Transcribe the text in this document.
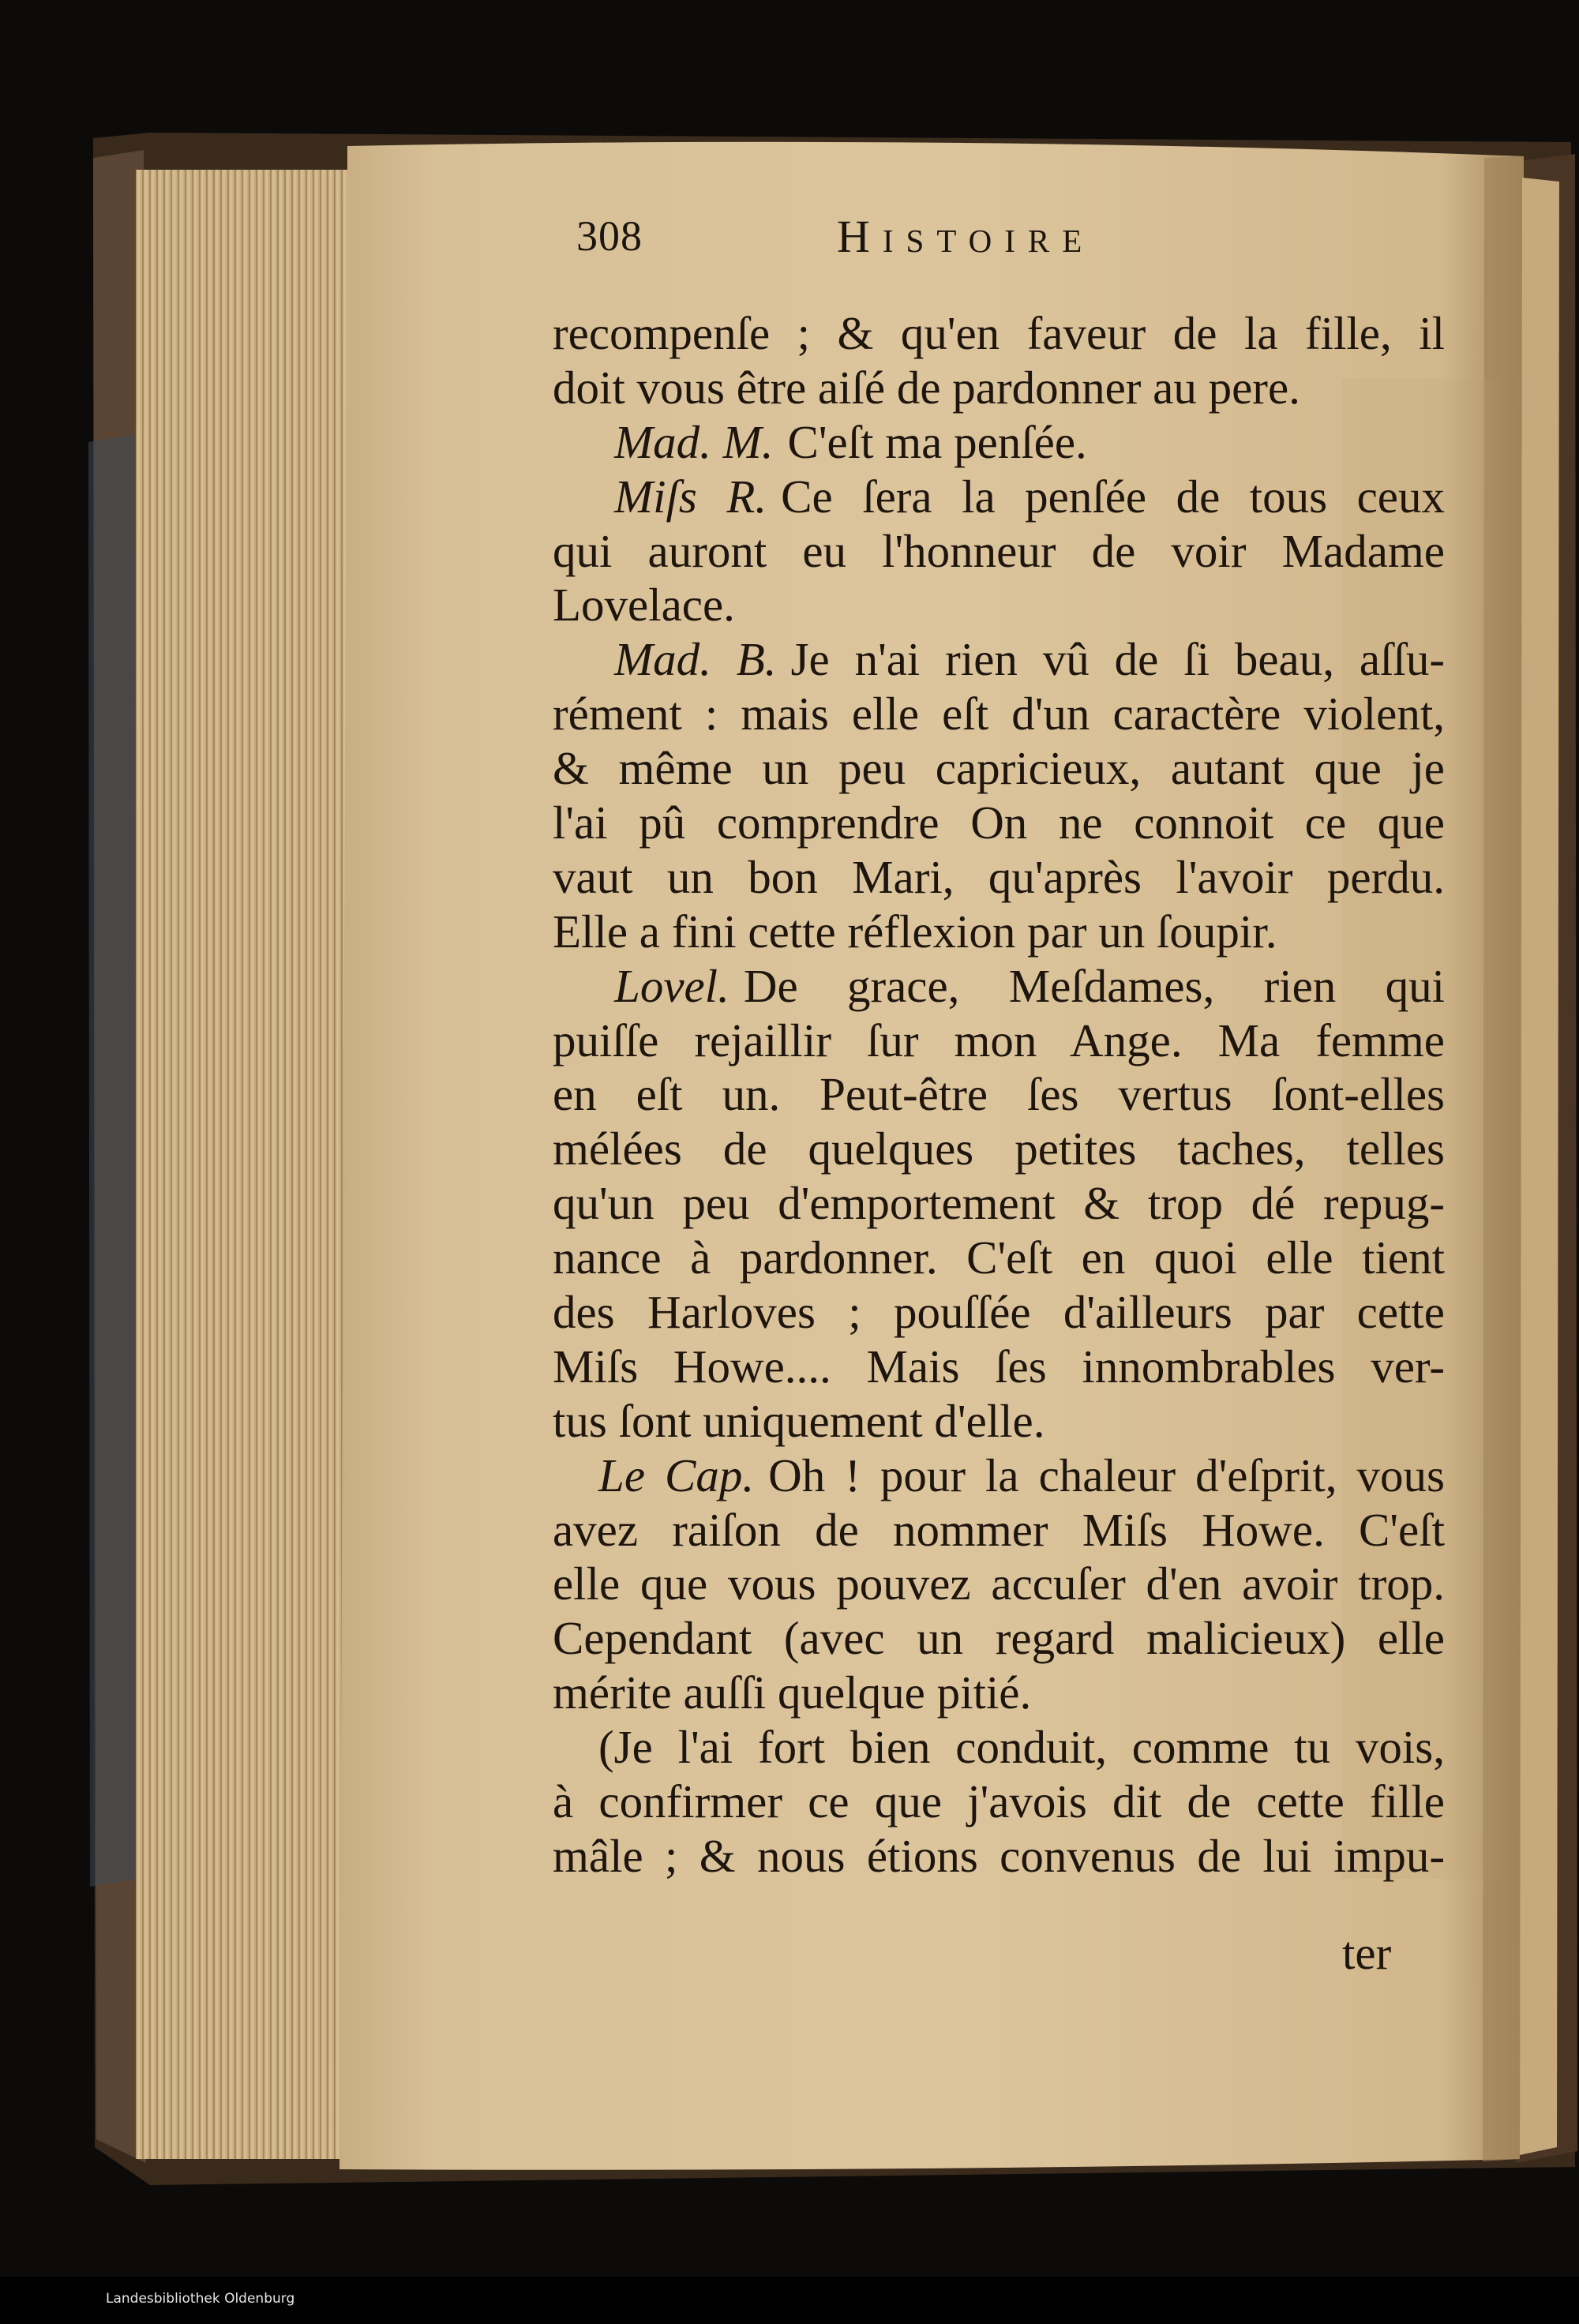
308	Histoire
recompenſe ; & qu'en faveur de la fille, il
doit vous être aiſé de pardonner au pere.
Mad. M. C'eſt ma penſée.
Miſs R. Ce ſera la penſée de tous ceux
qui auront eu l'honneur de voir Madame
Lovelace.
Mad. B. Je n'ai rien vû de ſi beau, aſſu-
rément : mais elle eſt d'un caractère violent,
& même un peu capricieux, autant que je
l'ai pû comprendre On ne connoit ce que
vaut un bon Mari, qu'après l'avoir perdu.
Elle a fini cette réflexion par un ſoupir.
Lovel. De grace, Meſdames, rien qui
puiſſe rejaillir ſur mon Ange. Ma femme
en eſt un. Peut-être ſes vertus ſont-elles
mélées de quelques petites taches, telles
qu'un peu d'emportement & trop dé repug-
nance à pardonner. C'eſt en quoi elle tient
des Harloves ; pouſſée d'ailleurs par cette
Miſs Howe.... Mais ſes innombrables ver-
tus ſont uniquement d'elle.
Le Cap. Oh ! pour la chaleur d'eſprit, vous
avez raiſon de nommer Miſs Howe. C'eſt
elle que vous pouvez accuſer d'en avoir trop.
Cependant (avec un regard malicieux) elle
mérite auſſi quelque pitié.
(Je l'ai fort bien conduit, comme tu vois,
à confirmer ce que j'avois dit de cette fille
mâle ; & nous étions convenus de lui impu-
ter
Landesbibliothek Oldenburg
